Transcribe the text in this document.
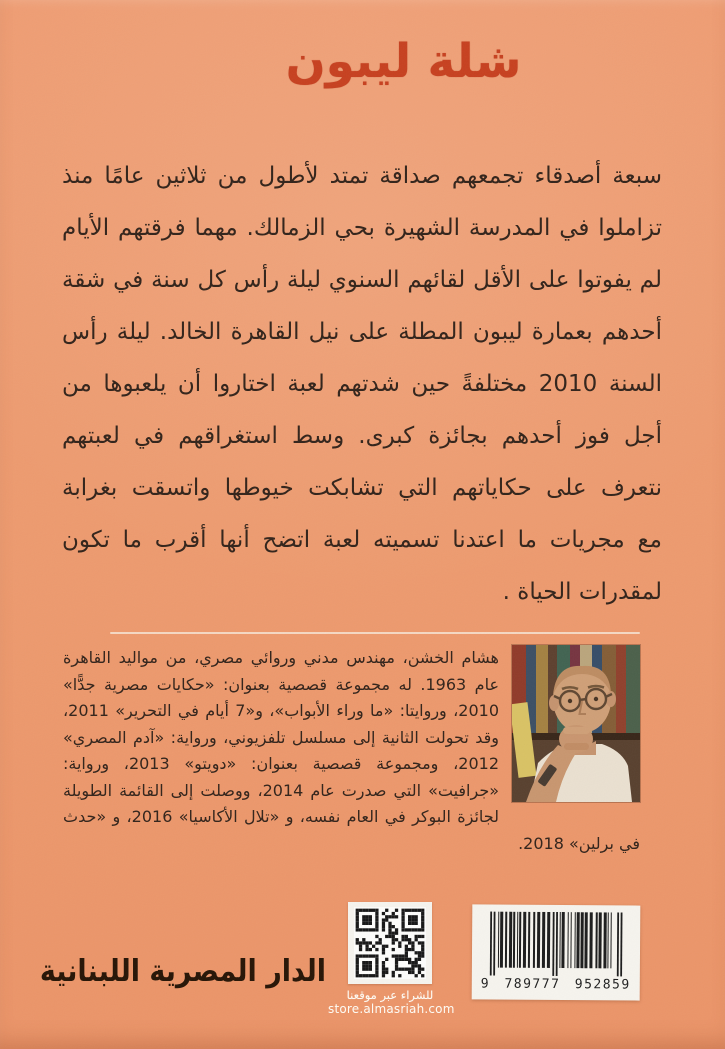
شلة ليبون
سبعة أصدقاء تجمعهم صداقة تمتد لأطول من ثلاثين عامًا منذ
تزاملوا في المدرسة الشهيرة بحي الزمالك. مهما فرقتهم الأيام
لم يفوتوا على الأقل لقائهم السنوي ليلة رأس كل سنة في شقة
أحدهم بعمارة ليبون المطلة على نيل القاهرة الخالد. ليلة رأس
السنة 2010 مختلفةً حين شدتهم لعبة اختاروا أن يلعبوها من
أجل فوز أحدهم بجائزة كبرى. وسط استغراقهم في لعبتهم
نتعرف على حكاياتهم التي تشابكت خيوطها واتسقت بغرابة
مع مجريات ما اعتدنا تسميته لعبة اتضح أنها أقرب ما تكون
لمقدرات الحياة .
هشام الخشن، مهندس مدني وروائي مصري، من مواليد القاهرة عام 1963. له مجموعة قصصية بعنوان: «حكايات مصرية جدًّا» 2010، وروايتا: «ما وراء الأبواب»، و«7 أيام في التحرير» 2011، وقد تحولت الثانية إلى مسلسل تلفزيوني، ورواية: «آدم المصري» 2012، ومجموعة قصصية بعنوان: «دويتو» 2013، ورواية: «جرافيت» التي صدرت عام 2014، ووصلت إلى القائمة الطويلة لجائزة البوكر في العام نفسه، و «تلال الأكاسيا» 2016، و «حدث في برلين» 2018.
الدار المصرية اللبنانية
للشراء عبر موقعنا
store.almasriah.com
9 789777 952859
